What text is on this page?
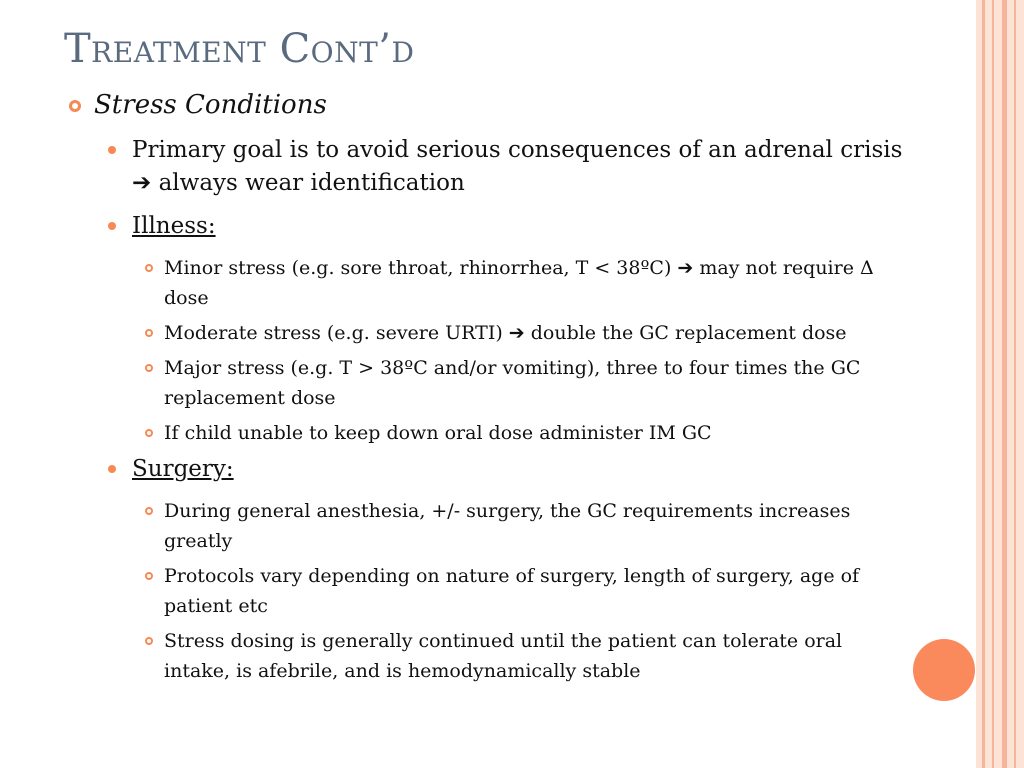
Treatment Cont’d
Stress Conditions
Primary goal is to avoid serious consequences of an adrenal crisis ➔ always wear identification
Illness:
Minor stress (e.g. sore throat, rhinorrhea, T < 38ºC) ➔ may not require Δ dose
Moderate stress (e.g. severe URTI) ➔ double the GC replacement dose
Major stress (e.g. T > 38ºC and/or vomiting), three to four times the GC replacement dose
If child unable to keep down oral dose administer IM GC
Surgery:
During general anesthesia, +/- surgery, the GC requirements increases greatly
Protocols vary depending on nature of surgery, length of surgery, age of patient etc
Stress dosing is generally continued until the patient can tolerate oral intake, is afebrile, and is hemodynamically stable
